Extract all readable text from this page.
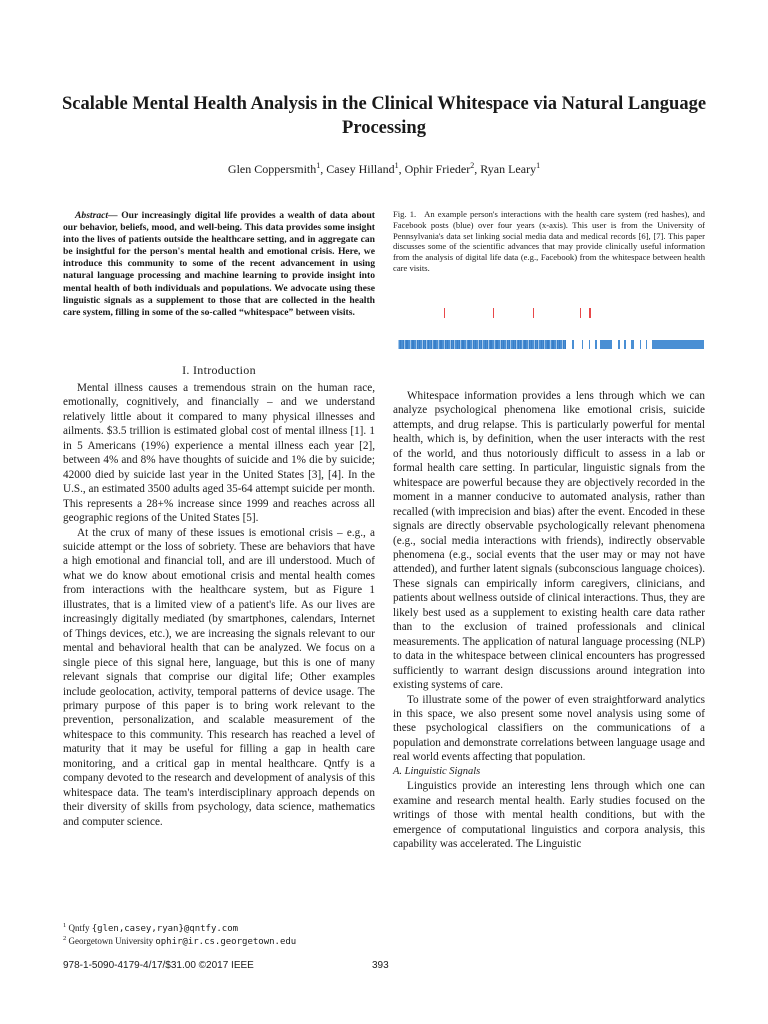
Scalable Mental Health Analysis in the Clinical Whitespace via Natural Language Processing
Glen Coppersmith$^1$, Casey Hilland$^1$, Ophir Frieder$^2$, Ryan Leary$^1$
Abstract— Our increasingly digital life provides a wealth of data about our behavior, beliefs, mood, and well-being. This data provides some insight into the lives of patients outside the healthcare setting, and in aggregate can be insightful for the person's mental health and emotional crisis. Here, we introduce this community to some of the recent advancement in using natural language processing and machine learning to provide insight into mental health of both individuals and populations. We advocate using these linguistic signals as a supplement to those that are collected in the health care system, filling in some of the so-called “whitespace” between visits.
I. Introduction

Mental illness causes a tremendous strain on the human race, emotionally, cognitively, and financially – and we understand relatively little about it compared to many physical illnesses and ailments. $3.5 trillion is estimated global cost of mental illness [1]. 1 in 5 Americans (19%) experience a mental illness each year [2], between 4% and 8% have thoughts of suicide and 1% die by suicide; 42000 died by suicide last year in the United States [3], [4]. In the U.S., an estimated 3500 adults aged 35-64 attempt suicide per month. This represents a 28+% increase since 1999 and reaches across all geographic regions of the United States [5].

At the crux of many of these issues is emotional crisis – e.g., a suicide attempt or the loss of sobriety. These are behaviors that have a high emotional and financial toll, and are ill understood. Much of what we do know about emotional crisis and mental health comes from interactions with the healthcare system, but as Figure 1 illustrates, that is a limited view of a patient's life. As our lives are increasingly digitally mediated (by smartphones, calendars, Internet of Things devices, etc.), we are increasing the signals relevant to our mental and behavioral health that can be analyzed. We focus on a single piece of this signal here, language, but this is one of many relevant signals that comprise our digital life; Other examples include geolocation, activity, temporal patterns of device usage. The primary purpose of this paper is to bring work relevant to the prevention, personalization, and scalable measurement of the whitespace to this community. This research has reached a level of maturity that it may be useful for filling a gap in health care monitoring, and a critical gap in mental healthcare. Qntfy is a company devoted to the research and development of analysis of this whitespace data. The team's interdisciplinary approach depends on their diversity of skills from psychology, data science, mathematics and computer science.

$^1$ Qntfy {glen,casey,ryan}@qntfy.com
$^2$ Georgetown University ophir@ir.cs.georgetown.edu
Fig. 1. An example person's interactions with the health care system (red hashes), and Facebook posts (blue) over four years (x-axis). This user is from the University of Pennsylvania's data set linking social media data and medical records [6], [7]. This paper discusses some of the scientific advances that may provide clinically useful information from the analysis of digital life data (e.g., Facebook) from the whitespace between health care visits.

Whitespace information provides a lens through which we can analyze psychological phenomena like emotional crisis, suicide attempts, and drug relapse. This is particularly powerful for mental health, which is, by definition, when the user interacts with the rest of the world, and thus notoriously difficult to assess in a lab or formal health care setting. In particular, linguistic signals from the whitespace are powerful because they are objectively recorded in the moment in a manner conducive to automated analysis, rather than recalled (with imprecision and bias) after the event. Encoded in these signals are directly observable psychologically relevant phenomena (e.g., social media interactions with friends), indirectly observable phenomena (e.g., social events that the user may or may not have attended), and further latent signals (subconscious language choices). These signals can empirically inform caregivers, clinicians, and patients about wellness outside of clinical interactions. Thus, they are likely best used as a supplement to existing health care data rather than to the exclusion of trained professionals and clinical measurements. The application of natural language processing (NLP) to data in the whitespace between clinical encounters has progressed sufficiently to warrant design discussions around integration into existing systems of care.

To illustrate some of the power of even straightforward analytics in this space, we also present some novel analysis using some of these psychological classifiers on the communications of a population and demonstrate correlations between language usage and real world events affecting that population.

A. Linguistic Signals

Linguistics provide an interesting lens through which one can examine and research mental health. Early studies focused on the writings of those with mental health conditions, but with the emergence of computational linguistics and corpora analysis, this capability was accelerated. The Linguistic

978-1-5090-4179-4/17/$31.00 ©2017 IEEE	393
